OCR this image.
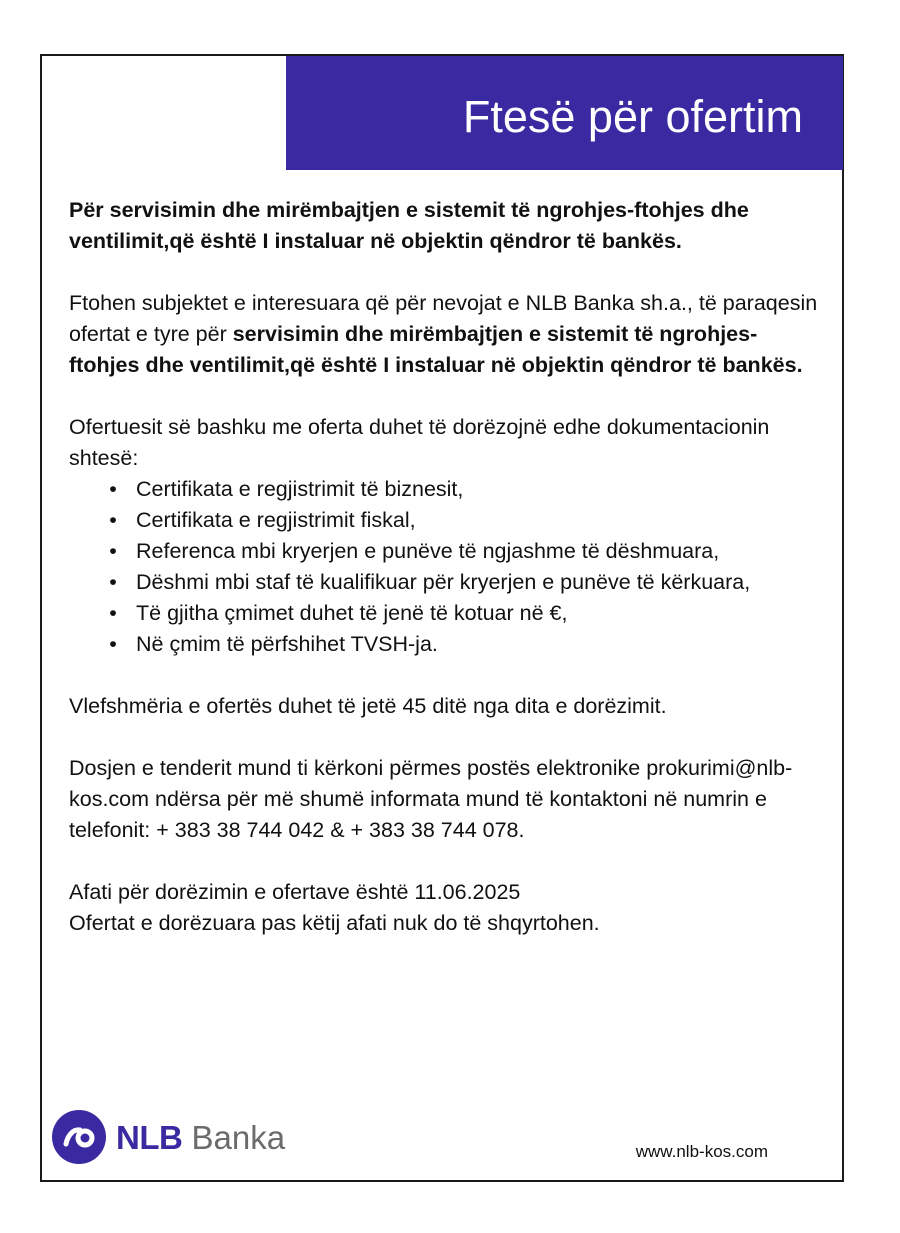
Ftesë për ofertim

Për servisimin dhe mirëmbajtjen e sistemit të ngrohjes-ftohjes dhe ventilimit,që është I instaluar në objektin qëndror të bankës.

Ftohen subjektet e interesuara që për nevojat e NLB Banka sh.a., të paraqesin ofertat e tyre për servisimin dhe mirëmbajtjen e sistemit të ngrohjes-ftohjes dhe ventilimit,që është I instaluar në objektin qëndror të bankës.

Ofertuesit së bashku me oferta duhet të dorëzojnë edhe dokumentacionin shtesë:

• Certifikata e regjistrimit të biznesit,
• Certifikata e regjistrimit fiskal,
• Referenca mbi kryerjen e punëve të ngjashme të dëshmuara,
• Dëshmi mbi staf të kualifikuar për kryerjen e punëve të kërkuara,
• Të gjitha çmimet duhet të jenë të kotuar në €,
• Në çmim të përfshihet TVSH-ja.

Vlefshmëria e ofertës duhet të jetë 45 ditë nga dita e dorëzimit.

Dosjen e tenderit mund ti kërkoni përmes postës elektronike prokurimi@nlb-kos.com ndërsa për më shumë informata mund të kontaktoni në numrin e telefonit: + 383 38 744 042 & + 383 38 744 078.

Afati për dorëzimin e ofertave është 11.06.2025

Ofertat e dorëzuara pas këtij afati nuk do të shqyrtohen.

NLB Banka	www.nlb-kos.com
